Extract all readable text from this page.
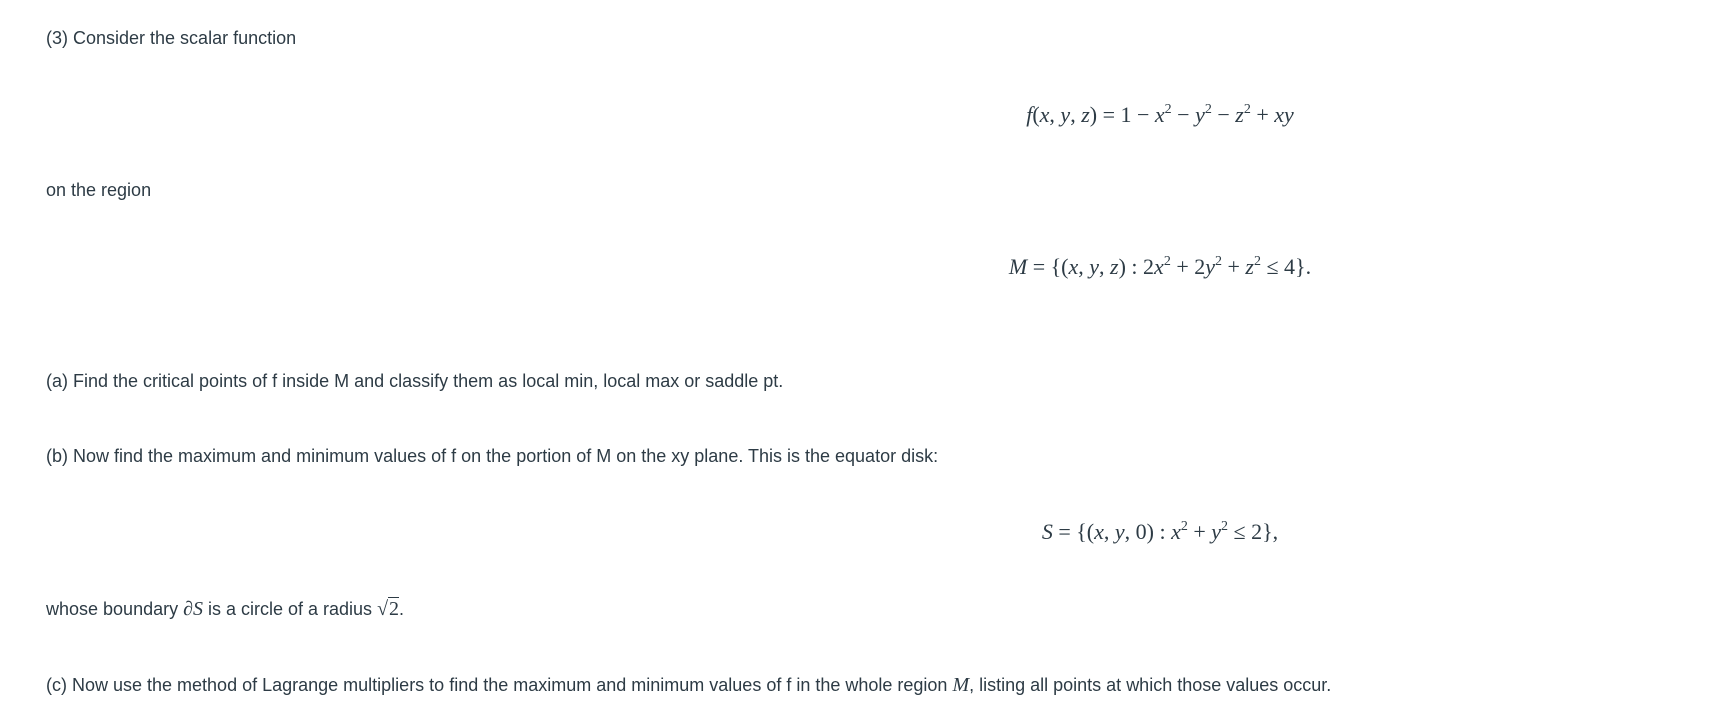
(3) Consider the scalar function
f(x, y, $z) = 1 - x^2 - y^2 - z^2$ + xy
on the region
M = {(x, y, z) : $2x^2 + 2y^2 + z^2 \le 4$}.
(a) Find the critical points of f inside M and classify them as local min, local max or saddle pt.
(b) Now find the maximum and minimum values of f on the portion of M on the xy plane. This is the equator disk:
S = {(x, y, 0) : $x^2 + y^2 \le 2$},
whose boundary ∂S is a circle of a radius √2.
(c) Now use the method of Lagrange multipliers to find the maximum and minimum values of f in the whole region M, listing all points at which those values occur.
